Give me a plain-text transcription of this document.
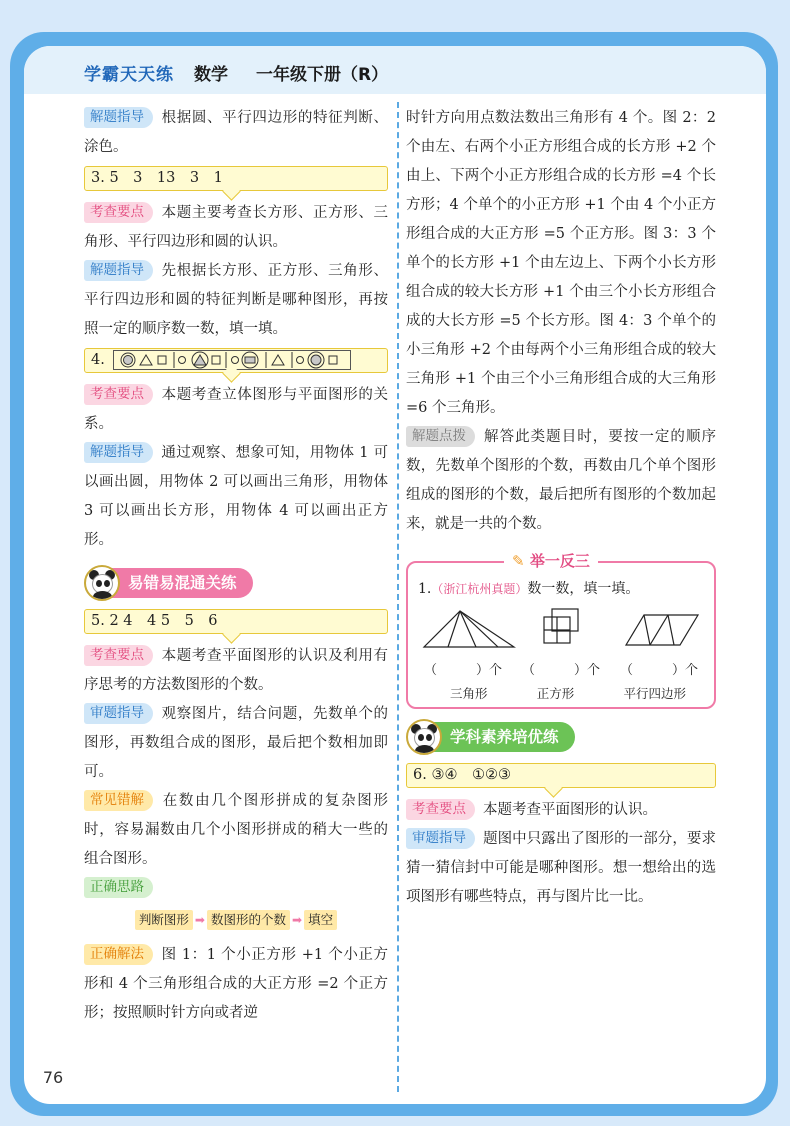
学霸天天练 数学 一年级下册（R）

解题指导 根据圆、平行四边形的特征判断、涂色。

3. 5　3　13　3　1

考查要点 本题主要考查长方形、正方形、三角形、平行四边形和圆的认识。

解题指导 先根据长方形、正方形、三角形、平行四边形和圆的特征判断是哪种图形，再按照一定的顺序数一数，填一填。

4.

考查要点 本题考查立体图形与平面图形的关系。

解题指导 通过观察、想象可知，用物体 1 可以画出圆，用物体 2 可以画出三角形，用物体 3 可以画出长方形，用物体 4 可以画出正方形。

易错易混通关练
5. 2 4　4 5　5　6

考查要点 本题考查平面图形的认识及利用有序思考的方法数图形的个数。

审题指导 观察图片，结合问题，先数单个的图形，再数组合成的图形，最后把个数相加即可。

常见错解 在数由几个图形拼成的复杂图形时，容易漏数由几个小图形拼成的稍大一些的组合图形。

正确思路

判断图形 ➡ 数图形的个数 ➡ 填空

正确解法 图 1：1 个小正方形 +1 个小正方形和 4 个三角形组合成的大正方形 =2 个正方形；按照顺时针方向或者逆

时针方向用点数法数出三角形有 4 个。图 2：2 个由左、右两个小正方形组合成的长方形 +2 个由上、下两个小正方形组合成的长方形 =4 个长方形；4 个单个的小正方形 +1 个由 4 个小正方形组合成的大正方形 =5 个正方形。图 3：3 个单个的长方形 +1 个由左边上、下两个小长方形组合成的较大长方形 +1 个由三个小长方形组合成的大长方形 =5 个长方形。图 4：3 个单个的小三角形 +2 个由每两个小三角形组合成的较大三角形 +1 个由三个小三角形组合成的大三角形 =6 个三角形。

解题点拨 解答此类题目时，要按一定的顺序数，先数单个图形的个数，再数由几个单个图形组成的图形的个数，最后把所有图形的个数加起来，就是一共的个数。

✎ 举一反三
1.（浙江杭州真题）数一数，填一填。
（　　　）个 （　　　）个 （　　　）个
三角形	正方形	平行四边形
学科素养培优练
6. ③④　①②③

考查要点 本题考查平面图形的认识。

审题指导 题图中只露出了图形的一部分，要求猜一猜信封中可能是哪种图形。想一想给出的选项图形有哪些特点，再与图片比一比。

76
